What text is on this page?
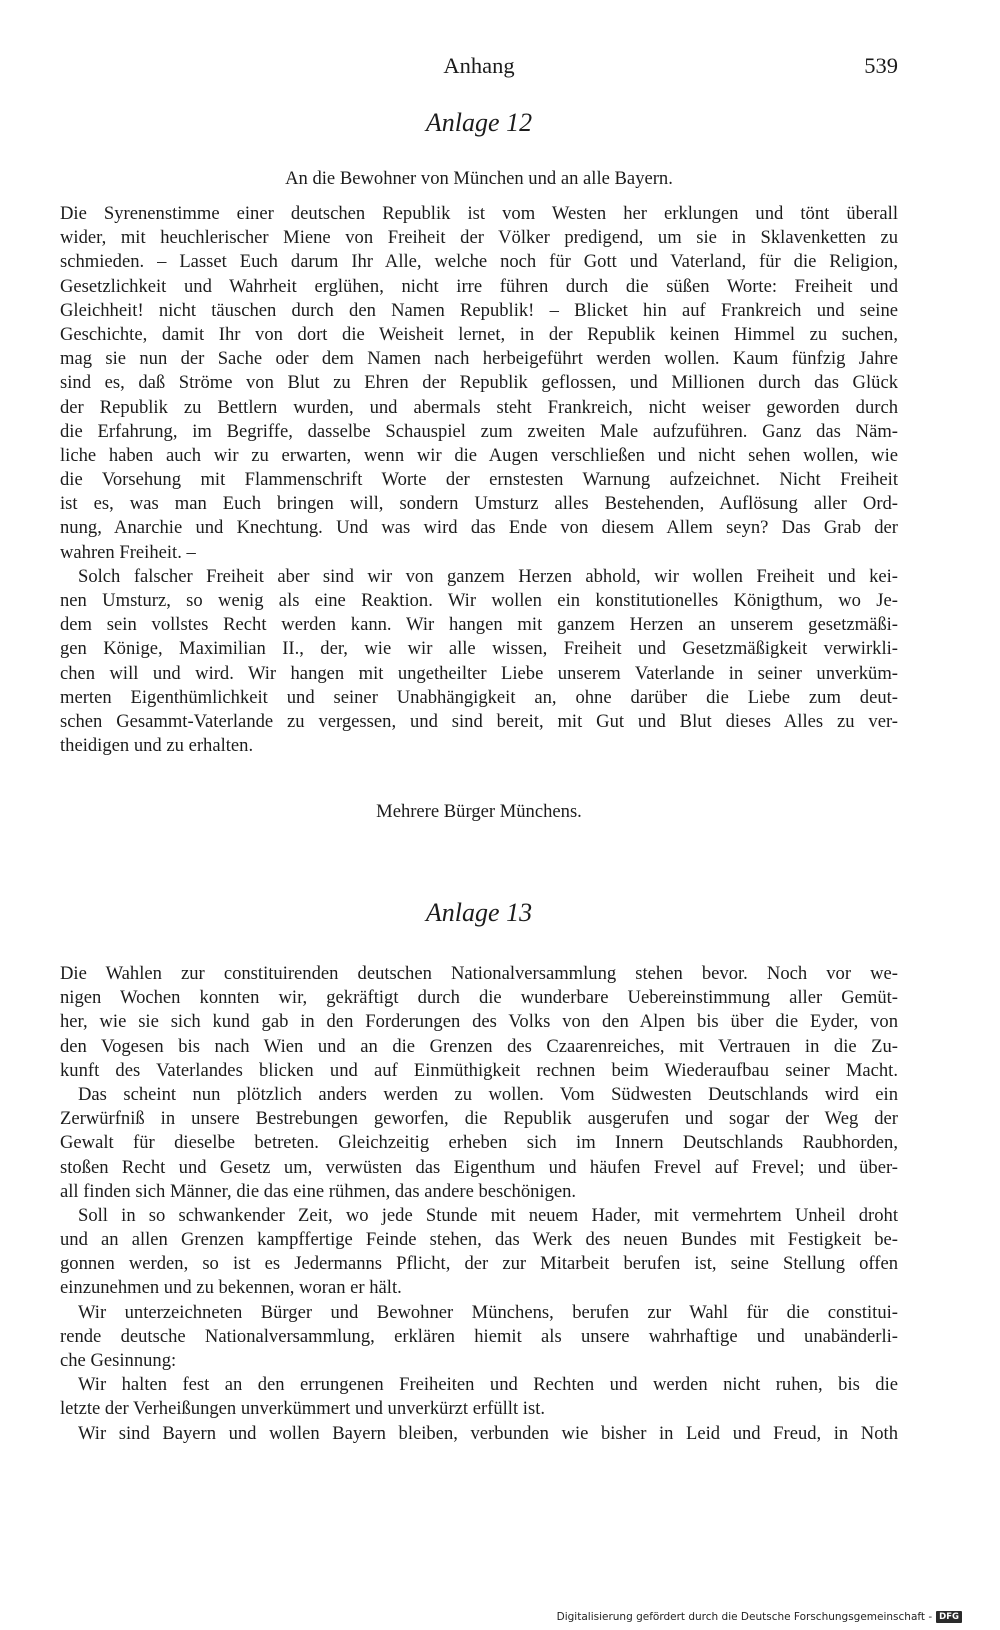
Anhang	539
Anlage 12
An die Bewohner von München und an alle Bayern.
Die Syrenenstimme einer deutschen Republik ist vom Westen her erklungen und tönt überall
wider, mit heuchlerischer Miene von Freiheit der Völker predigend, um sie in Sklavenketten zu
schmieden. – Lasset Euch darum Ihr Alle, welche noch für Gott und Vaterland, für die Religion,
Gesetzlichkeit und Wahrheit erglühen, nicht irre führen durch die süßen Worte: Freiheit und
Gleichheit! nicht täuschen durch den Namen Republik! – Blicket hin auf Frankreich und seine
Geschichte, damit Ihr von dort die Weisheit lernet, in der Republik keinen Himmel zu suchen,
mag sie nun der Sache oder dem Namen nach herbeigeführt werden wollen. Kaum fünfzig Jahre
sind es, daß Ströme von Blut zu Ehren der Republik geflossen, und Millionen durch das Glück
der Republik zu Bettlern wurden, und abermals steht Frankreich, nicht weiser geworden durch
die Erfahrung, im Begriffe, dasselbe Schauspiel zum zweiten Male aufzuführen. Ganz das Näm-
liche haben auch wir zu erwarten, wenn wir die Augen verschließen und nicht sehen wollen, wie
die Vorsehung mit Flammenschrift Worte der ernstesten Warnung aufzeichnet. Nicht Freiheit
ist es, was man Euch bringen will, sondern Umsturz alles Bestehenden, Auflösung aller Ord-
nung, Anarchie und Knechtung. Und was wird das Ende von diesem Allem seyn? Das Grab der
wahren Freiheit. –
Solch falscher Freiheit aber sind wir von ganzem Herzen abhold, wir wollen Freiheit und kei-
nen Umsturz, so wenig als eine Reaktion. Wir wollen ein konstitutionelles Königthum, wo Je-
dem sein vollstes Recht werden kann. Wir hangen mit ganzem Herzen an unserem gesetzmäßi-
gen Könige, Maximilian II., der, wie wir alle wissen, Freiheit und Gesetzmäßigkeit verwirkli-
chen will und wird. Wir hangen mit ungetheilter Liebe unserem Vaterlande in seiner unverküm-
merten Eigenthümlichkeit und seiner Unabhängigkeit an, ohne darüber die Liebe zum deut-
schen Gesammt-Vaterlande zu vergessen, und sind bereit, mit Gut und Blut dieses Alles zu ver-
theidigen und zu erhalten.
Mehrere Bürger Münchens.
Anlage 13
Die Wahlen zur constituirenden deutschen Nationalversammlung stehen bevor. Noch vor we-
nigen Wochen konnten wir, gekräftigt durch die wunderbare Uebereinstimmung aller Gemüt-
her, wie sie sich kund gab in den Forderungen des Volks von den Alpen bis über die Eyder, von
den Vogesen bis nach Wien und an die Grenzen des Czaarenreiches, mit Vertrauen in die Zu-
kunft des Vaterlandes blicken und auf Einmüthigkeit rechnen beim Wiederaufbau seiner Macht.
Das scheint nun plötzlich anders werden zu wollen. Vom Südwesten Deutschlands wird ein
Zerwürfniß in unsere Bestrebungen geworfen, die Republik ausgerufen und sogar der Weg der
Gewalt für dieselbe betreten. Gleichzeitig erheben sich im Innern Deutschlands Raubhorden,
stoßen Recht und Gesetz um, verwüsten das Eigenthum und häufen Frevel auf Frevel; und über-
all finden sich Männer, die das eine rühmen, das andere beschönigen.
Soll in so schwankender Zeit, wo jede Stunde mit neuem Hader, mit vermehrtem Unheil droht
und an allen Grenzen kampffertige Feinde stehen, das Werk des neuen Bundes mit Festigkeit be-
gonnen werden, so ist es Jedermanns Pflicht, der zur Mitarbeit berufen ist, seine Stellung offen
einzunehmen und zu bekennen, woran er hält.
Wir unterzeichneten Bürger und Bewohner Münchens, berufen zur Wahl für die constitui-
rende deutsche Nationalversammlung, erklären hiemit als unsere wahrhaftige und unabänderli-
che Gesinnung:
Wir halten fest an den errungenen Freiheiten und Rechten und werden nicht ruhen, bis die
letzte der Verheißungen unverkümmert und unverkürzt erfüllt ist.
Wir sind Bayern und wollen Bayern bleiben, verbunden wie bisher in Leid und Freud, in Noth
Digitalisierung gefördert durch die Deutsche Forschungsgemeinschaft - DFG
